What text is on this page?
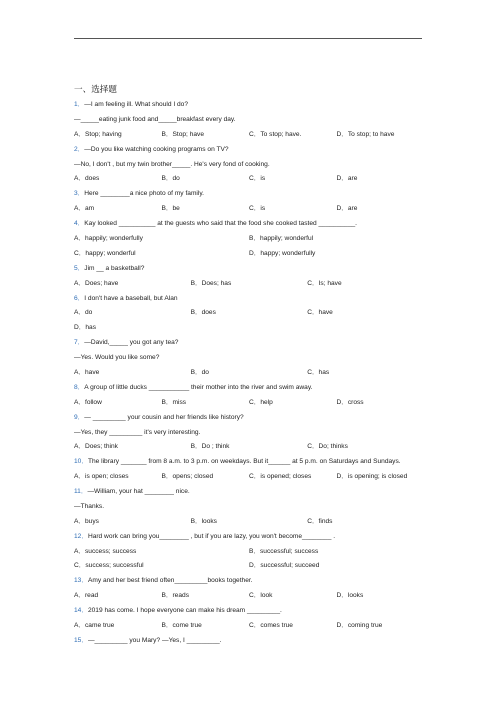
一、选择题
1．—I am feeling ill. What should I do?
—_____eating junk food and_____breakfast every day.
A．Stop; having	B．Stop; have	C．To stop; have.	D．To stop; to have
2．—Do you like watching cooking programs on TV?
—No, I don't , but my twin brother_____. He's very fond of cooking.
A．does	B．do	C．is	D．are
3．Here ________a nice photo of my family.
A．am	B．be	C．is	D．are
4．Kay looked __________ at the guests who said that the food she cooked tasted __________.
A．happily; wonderfully	B．happily; wonderful
C．happy; wonderful	D．happy; wonderfully
5．Jim __ a basketball?
A．Does; have	B．Does; has	C．Is; have
6．I don't have a baseball, but Alan
A．do	B．does	C．have
D．has
7．—David,_____ you got any tea?
—Yes. Would you like some?
A．have	B．do	C．has
8．A group of little ducks ___________ their mother into the river and swim away.
A．follow	B．miss	C．help	D．cross
9．— _________ your cousin and her friends like history?
—Yes, they _________ it's very interesting.
A．Does; think	B．Do ; think	C．Do; thinks
10．The library _______ from 8 a.m. to 3 p.m. on weekdays. But it______ at 5 p.m. on Saturdays and Sundays.
A．is open; closes	B．opens; closed	C．is opened; closes	D．is opening; is closed
11．—William, your hat ________ nice.
—Thanks.
A．buys	B．looks	C．finds
12．Hard work can bring you________ , but if you are lazy, you won't become________ .
A．success; success	B．successful; success
C．success; successful	D．successful; succeed
13．Amy and her best friend often_________books together.
A．read	B．reads	C．look	D．looks
14．2019 has come. I hope everyone can make his dream _________.
A．came true	B．come true	C．comes true	D．coming true
15．—_________ you Mary? —Yes, I _________.
